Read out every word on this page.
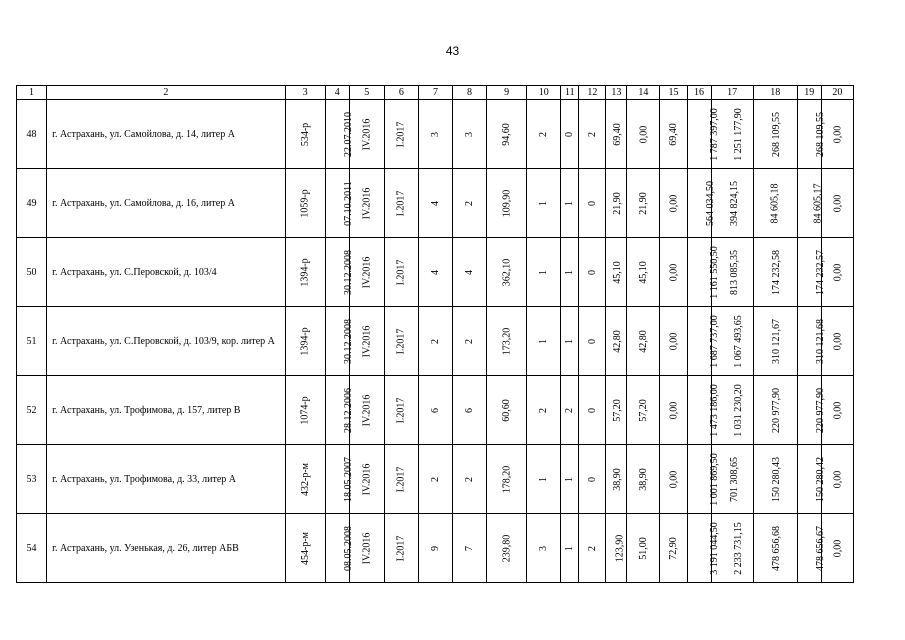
43
1	2	3	4	5	6	7	8	9	10	11	12	13	14	15	16	17	18	19	20
48	г. Астрахань, ул. Самойлова, д. 14, литер А	534-р	22.07.2010	IV.2016	I.2017	3	3	94,60	2	0	2	69,40	0,00	69,40	1 787 397,00	1 251 177,90	268 109,55	268 109,55	0,00
49	г. Астрахань, ул. Самойлова, д. 16, литер А	1059-р	07.10.2011	IV.2016	I.2017	4	2	109,90	1	1	0	21,90	21,90	0,00	564 034,50	394 824,15	84 605,18	84 605,17	0,00
50	г. Астрахань, ул. С.Перовской, д. 103/4	1394-р	30.12.2008	IV.2016	I.2017	4	4	362,10	1	1	0	45,10	45,10	0,00	1 161 550,50	813 085,35	174 232,58	174 232,57	0,00
51	г. Астрахань, ул. С.Перовской, д. 103/9, кор. литер А	1394-р	30.12.2008	IV.2016	I.2017	2	2	173,20	1	1	0	42,80	42,80	0,00	1 687 737,00	1 067 493,65	310 121,67	310 121,68	0,00
52	г. Астрахань, ул. Трофимова, д. 157, литер В	1074-р	28.12.2006	IV.2016	I.2017	6	6	60,60	2	2	0	57,20	57,20	0,00	1 473 186,00	1 031 230,20	220 977,90	220 977,90	0,00
53	г. Астрахань, ул. Трофимова, д. 33, литер А	432-р-м	18.05.2007	IV.2016	I.2017	2	2	178,20	1	1	0	38,90	38,90	0,00	1 001 869,50	701 308,65	150 280,43	150 280,42	0,00
54	г. Астрахань, ул. Узенькая, д. 26, литер АБВ	454-р-м	08.05.2008	IV.2016	I.2017	9	7	239,80	3	1	2	123,90	51,00	72,90	3 191 044,50	2 233 731,15	478 656,68	478 656,67	0,00
